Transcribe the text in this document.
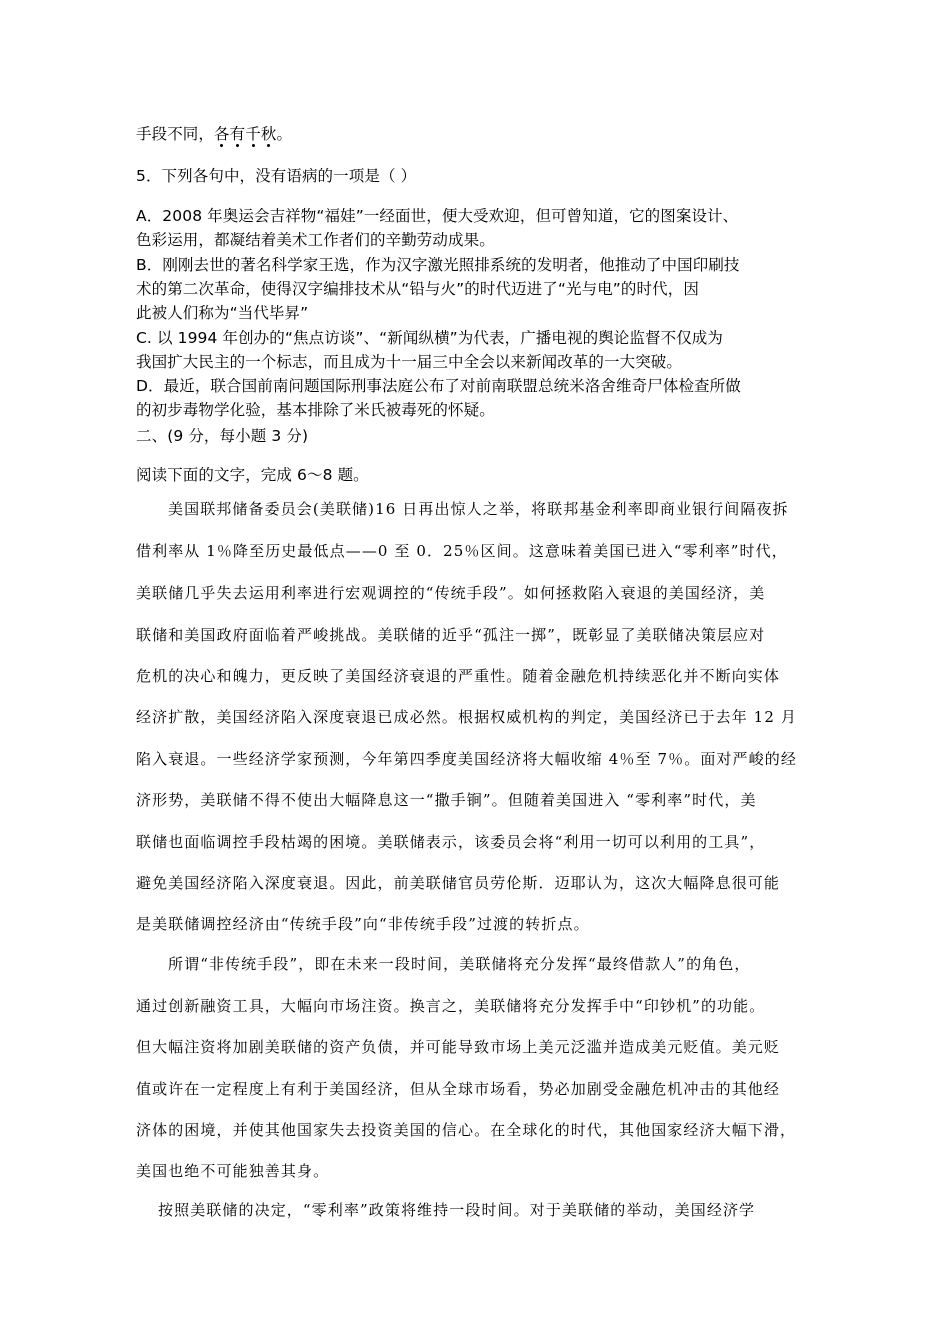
手段不同，各有千秋。
5．下列各句中，没有语病的一项是（ ）
A．2008 年奥运会吉祥物“福娃”一经面世，便大受欢迎，但可曾知道，它的图案设计、
色彩运用，都凝结着美术工作者们的辛勤劳动成果。
B．刚刚去世的著名科学家王选，作为汉字激光照排系统的发明者，他推动了中国印刷技
术的第二次革命，使得汉字编排技术从“铅与火”的时代迈进了“光与电”的时代，因
此被人们称为“当代毕昇”
C. 以 1994 年创办的“焦点访谈”、“新闻纵横”为代表，广播电视的舆论监督不仅成为
我国扩大民主的一个标志，而且成为十一届三中全会以来新闻改革的一大突破。
D．最近，联合国前南问题国际刑事法庭公布了对前南联盟总统米洛舍维奇尸体检查所做
的初步毒物学化验，基本排除了米氏被毒死的怀疑。
二、(9 分，每小题 3 分)
阅读下面的文字，完成 6～8 题。
美国联邦储备委员会(美联储)16 日再出惊人之举，将联邦基金利率即商业银行间隔夜拆
借利率从 1％降至历史最低点——0 至 0．25％区间。这意味着美国已进入“零利率”时代，
美联储几乎失去运用利率进行宏观调控的“传统手段”。如何拯救陷入衰退的美国经济，美
联储和美国政府面临着严峻挑战。美联储的近乎“孤注一掷”，既彰显了美联储决策层应对
危机的决心和魄力，更反映了美国经济衰退的严重性。随着金融危机持续恶化并不断向实体
经济扩散，美国经济陷入深度衰退已成必然。根据权威机构的判定，美国经济已于去年 12 月
陷入衰退。一些经济学家预测，今年第四季度美国经济将大幅收缩 4％至 7％。面对严峻的经
济形势，美联储不得不使出大幅降息这一“撒手锏”。但随着美国进入 “零利率”时代，美
联储也面临调控手段枯竭的困境。美联储表示，该委员会将“利用一切可以利用的工具”，
避免美国经济陷入深度衰退。因此，前美联储官员劳伦斯．迈耶认为，这次大幅降息很可能
是美联储调控经济由“传统手段”向“非传统手段”过渡的转折点。
所谓“非传统手段”，即在未来一段时间，美联储将充分发挥“最终借款人”的角色，
通过创新融资工具，大幅向市场注资。换言之，美联储将充分发挥手中“印钞机”的功能。
但大幅注资将加剧美联储的资产负债，并可能导致市场上美元泛滥并造成美元贬值。美元贬
值或许在一定程度上有利于美国经济，但从全球市场看，势必加剧受金融危机冲击的其他经
济体的困境，并使其他国家失去投资美国的信心。在全球化的时代，其他国家经济大幅下滑，
美国也绝不可能独善其身。
按照美联储的决定，“零利率”政策将维持一段时间。对于美联储的举动，美国经济学
